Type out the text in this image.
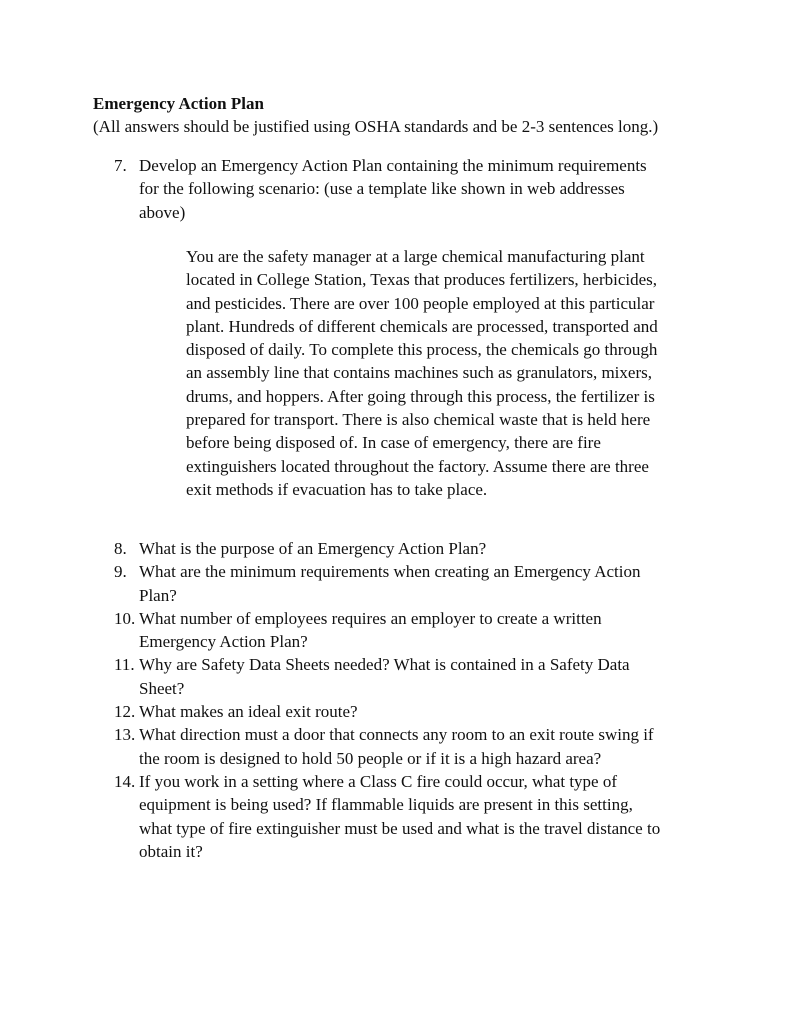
Emergency Action Plan

(All answers should be justified using OSHA standards and be 2-3 sentences long.)

7. Develop an Emergency Action Plan containing the minimum requirements
for the following scenario: (use a template like shown in web addresses
above)
You are the safety manager at a large chemical manufacturing plant
located in College Station, Texas that produces fertilizers, herbicides,
and pesticides. There are over 100 people employed at this particular
plant. Hundreds of different chemicals are processed, transported and
disposed of daily. To complete this process, the chemicals go through
an assembly line that contains machines such as granulators, mixers,
drums, and hoppers. After going through this process, the fertilizer is
prepared for transport. There is also chemical waste that is held here
before being disposed of. In case of emergency, there are fire
extinguishers located throughout the factory. Assume there are three
exit methods if evacuation has to take place.
8. What is the purpose of an Emergency Action Plan?
9. What are the minimum requirements when creating an Emergency Action
Plan?
10. What number of employees requires an employer to create a written
Emergency Action Plan?
11. Why are Safety Data Sheets needed? What is contained in a Safety Data
Sheet?
12. What makes an ideal exit route?
13. What direction must a door that connects any room to an exit route swing if
the room is designed to hold 50 people or if it is a high hazard area?
14. If you work in a setting where a Class C fire could occur, what type of
equipment is being used? If flammable liquids are present in this setting,
what type of fire extinguisher must be used and what is the travel distance to
obtain it?
